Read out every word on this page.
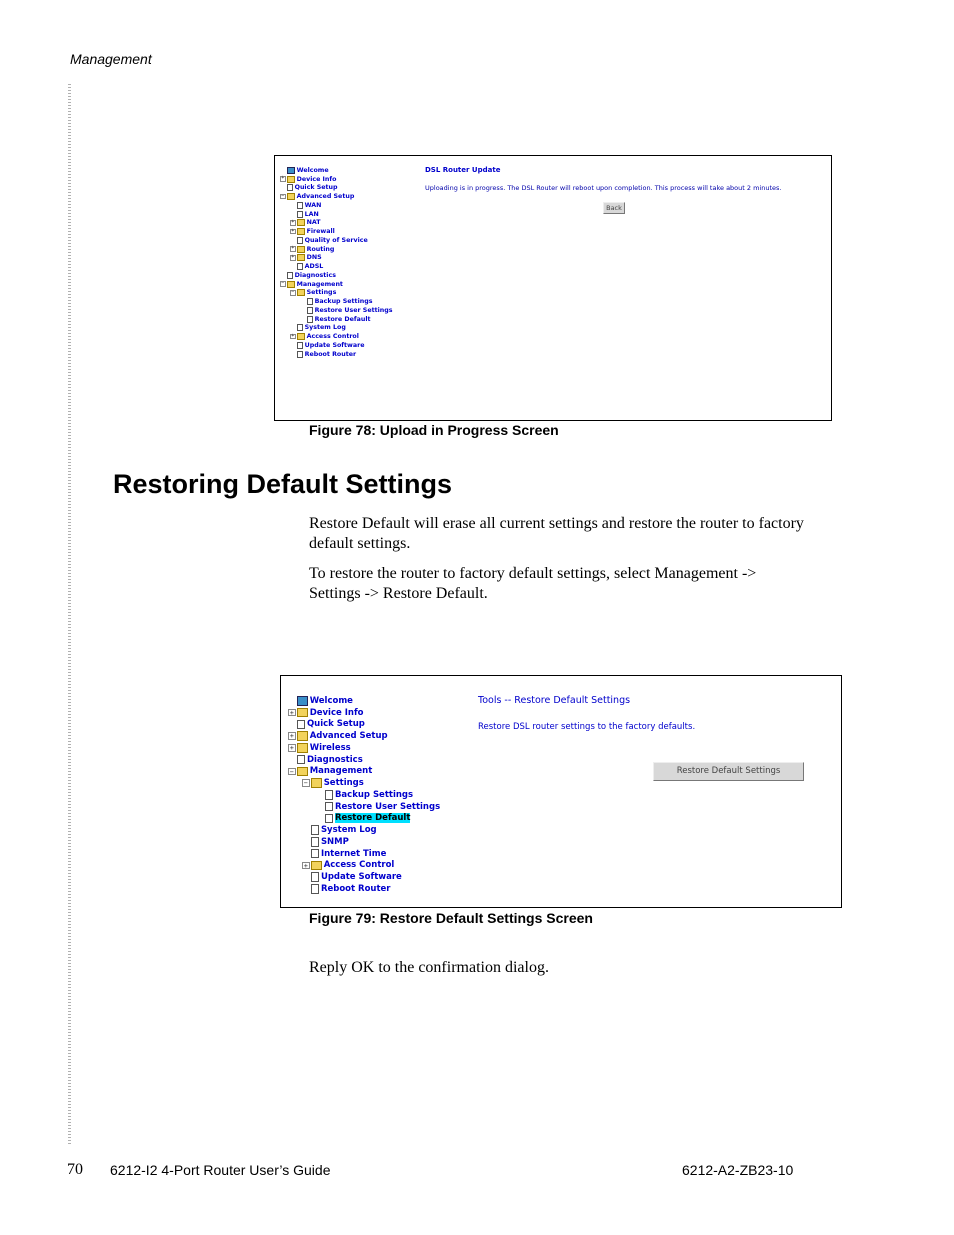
Management
Welcome
+ Device Info
Quick Setup
− Advanced Setup
WAN
LAN
+ NAT
+ Firewall
Quality of Service
+ Routing
+ DNS
ADSL
Diagnostics
− Management
− Settings
Backup Settings
Restore User Settings
Restore Default
System Log
+ Access Control
Update Software
Reboot Router
DSL Router Update
Uploading is in progress. The DSL Router will reboot upon completion. This process will take about 2 minutes.
Back
Figure 78: Upload in Progress Screen
Restoring Default Settings
Restore Default will erase all current settings and restore the router to factory default settings.
To restore the router to factory default settings, select Management -> Settings -> Restore Default.
Welcome
+ Device Info
Quick Setup
+ Advanced Setup
+ Wireless
Diagnostics
− Management
− Settings
Backup Settings
Restore User Settings
Restore Default
System Log
SNMP
Internet Time
+ Access Control
Update Software
Reboot Router
Tools -- Restore Default Settings
Restore DSL router settings to the factory defaults.
Restore Default Settings
Figure 79: Restore Default Settings Screen
Reply OK to the confirmation dialog.
70 6212-I2 4-Port Router User’s Guide	6212-A2-ZB23-10
